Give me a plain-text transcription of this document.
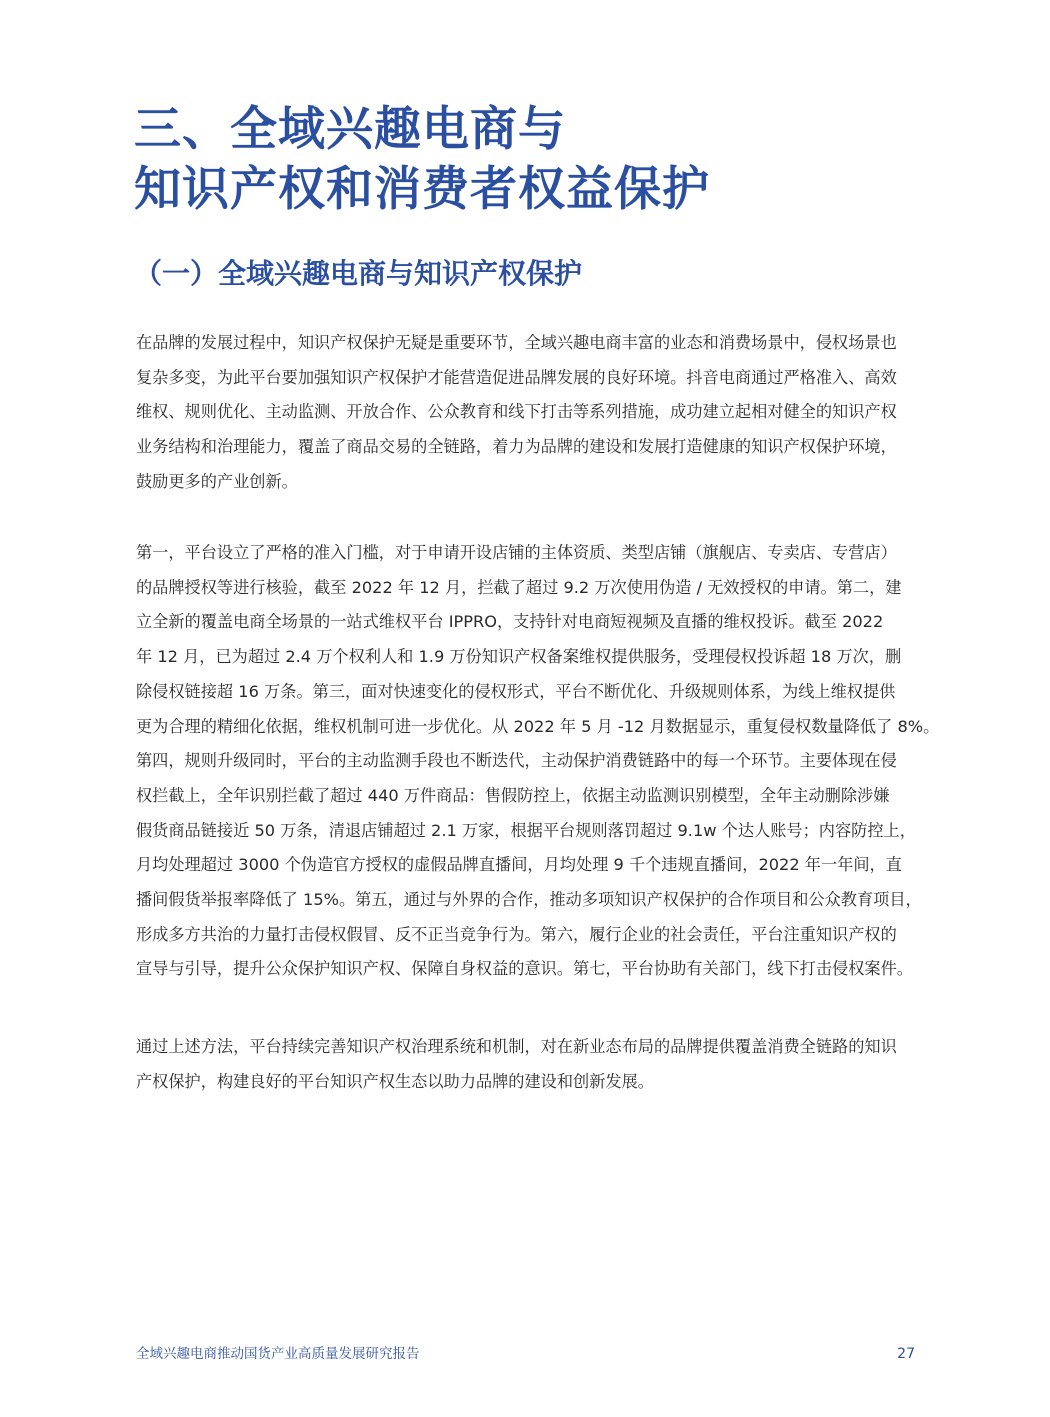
三、全域兴趣电商与
知识产权和消费者权益保护
（一）全域兴趣电商与知识产权保护
在品牌的发展过程中，知识产权保护无疑是重要环节，全域兴趣电商丰富的业态和消费场景中，侵权场景也
复杂多变，为此平台要加强知识产权保护才能营造促进品牌发展的良好环境。抖音电商通过严格准入、高效
维权、规则优化、主动监测、开放合作、公众教育和线下打击等系列措施，成功建立起相对健全的知识产权
业务结构和治理能力，覆盖了商品交易的全链路，着力为品牌的建设和发展打造健康的知识产权保护环境，
鼓励更多的产业创新。
第一，平台设立了严格的准入门槛，对于申请开设店铺的主体资质、类型店铺（旗舰店、专卖店、专营店）
的品牌授权等进行核验，截至 2022 年 12 月，拦截了超过 9.2 万次使用伪造 / 无效授权的申请。第二，建
立全新的覆盖电商全场景的一站式维权平台 IPPRO，支持针对电商短视频及直播的维权投诉。截至 2022
年 12 月，已为超过 2.4 万个权利人和 1.9 万份知识产权备案维权提供服务，受理侵权投诉超 18 万次，删
除侵权链接超 16 万条。第三，面对快速变化的侵权形式，平台不断优化、升级规则体系，为线上维权提供
更为合理的精细化依据，维权机制可进一步优化。从 2022 年 5 月 -12 月数据显示，重复侵权数量降低了 8%。
第四，规则升级同时，平台的主动监测手段也不断迭代，主动保护消费链路中的每一个环节。主要体现在侵
权拦截上，全年识别拦截了超过 440 万件商品：售假防控上，依据主动监测识别模型，全年主动删除涉嫌
假货商品链接近 50 万条，清退店铺超过 2.1 万家，根据平台规则落罚超过 9.1w 个达人账号；内容防控上，
月均处理超过 3000 个伪造官方授权的虚假品牌直播间，月均处理 9 千个违规直播间，2022 年一年间，直
播间假货举报率降低了 15%。第五，通过与外界的合作，推动多项知识产权保护的合作项目和公众教育项目，
形成多方共治的力量打击侵权假冒、反不正当竞争行为。第六，履行企业的社会责任，平台注重知识产权的
宣导与引导，提升公众保护知识产权、保障自身权益的意识。第七，平台协助有关部门，线下打击侵权案件。
通过上述方法，平台持续完善知识产权治理系统和机制，对在新业态布局的品牌提供覆盖消费全链路的知识
产权保护，构建良好的平台知识产权生态以助力品牌的建设和创新发展。
全域兴趣电商推动国货产业高质量发展研究报告	27
